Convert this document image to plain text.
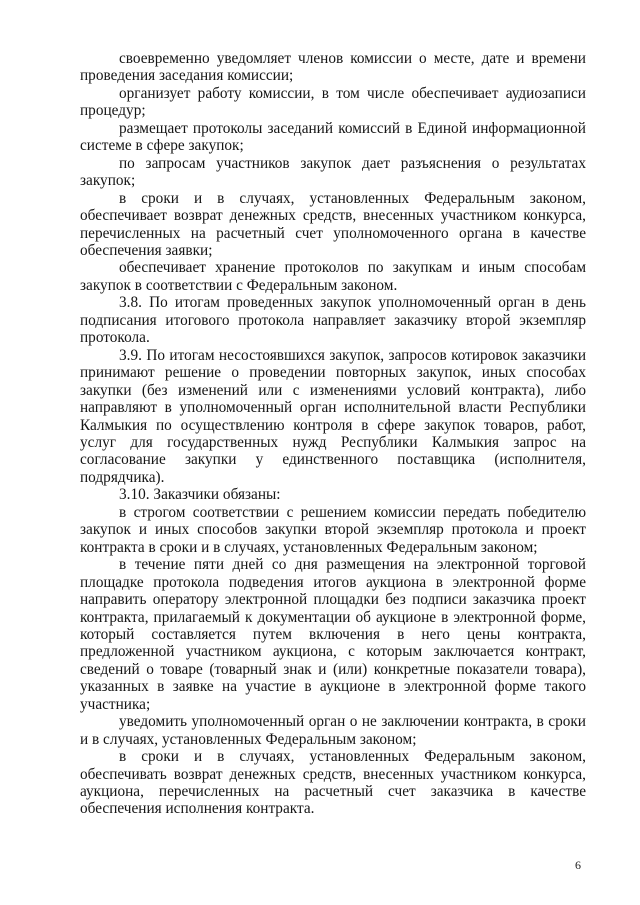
своевременно уведомляет членов комиссии о месте, дате и времени проведения заседания комиссии;

организует работу комиссии, в том числе обеспечивает аудиозаписи процедур;

размещает протоколы заседаний комиссий в Единой информационной системе в сфере закупок;

по запросам участников закупок дает разъяснения о результатах закупок;

в сроки и в случаях, установленных Федеральным законом, обеспечивает возврат денежных средств, внесенных участником конкурса, перечисленных на расчетный счет уполномоченного органа в качестве обеспечения заявки;

обеспечивает хранение протоколов по закупкам и иным способам закупок в соответствии с Федеральным законом.

3.8. По итогам проведенных закупок уполномоченный орган в день подписания итогового протокола направляет заказчику второй экземпляр протокола.

3.9. По итогам несостоявшихся закупок, запросов котировок заказчики принимают решение о проведении повторных закупок, иных способах закупки (без изменений или с изменениями условий контракта), либо направляют в уполномоченный орган исполнительной власти Республики Калмыкия по осуществлению контроля в сфере закупок товаров, работ, услуг для государственных нужд Республики Калмыкия запрос на согласование закупки у единственного поставщика (исполнителя, подрядчика).

3.10. Заказчики обязаны:

в строгом соответствии с решением комиссии передать победителю закупок и иных способов закупки второй экземпляр протокола и проект контракта в сроки и в случаях, установленных Федеральным законом;

в течение пяти дней со дня размещения на электронной торговой площадке протокола подведения итогов аукциона в электронной форме направить оператору электронной площадки без подписи заказчика проект контракта, прилагаемый к документации об аукционе в электронной форме, который составляется путем включения в него цены контракта, предложенной участником аукциона, с которым заключается контракт, сведений о товаре (товарный знак и (или) конкретные показатели товара), указанных в заявке на участие в аукционе в электронной форме такого участника;

уведомить уполномоченный орган о не заключении контракта, в сроки и в случаях, установленных Федеральным законом;

в сроки и в случаях, установленных Федеральным законом, обеспечивать возврат денежных средств, внесенных участником конкурса, аукциона, перечисленных на расчетный счет заказчика в качестве обеспечения исполнения контракта.

6
